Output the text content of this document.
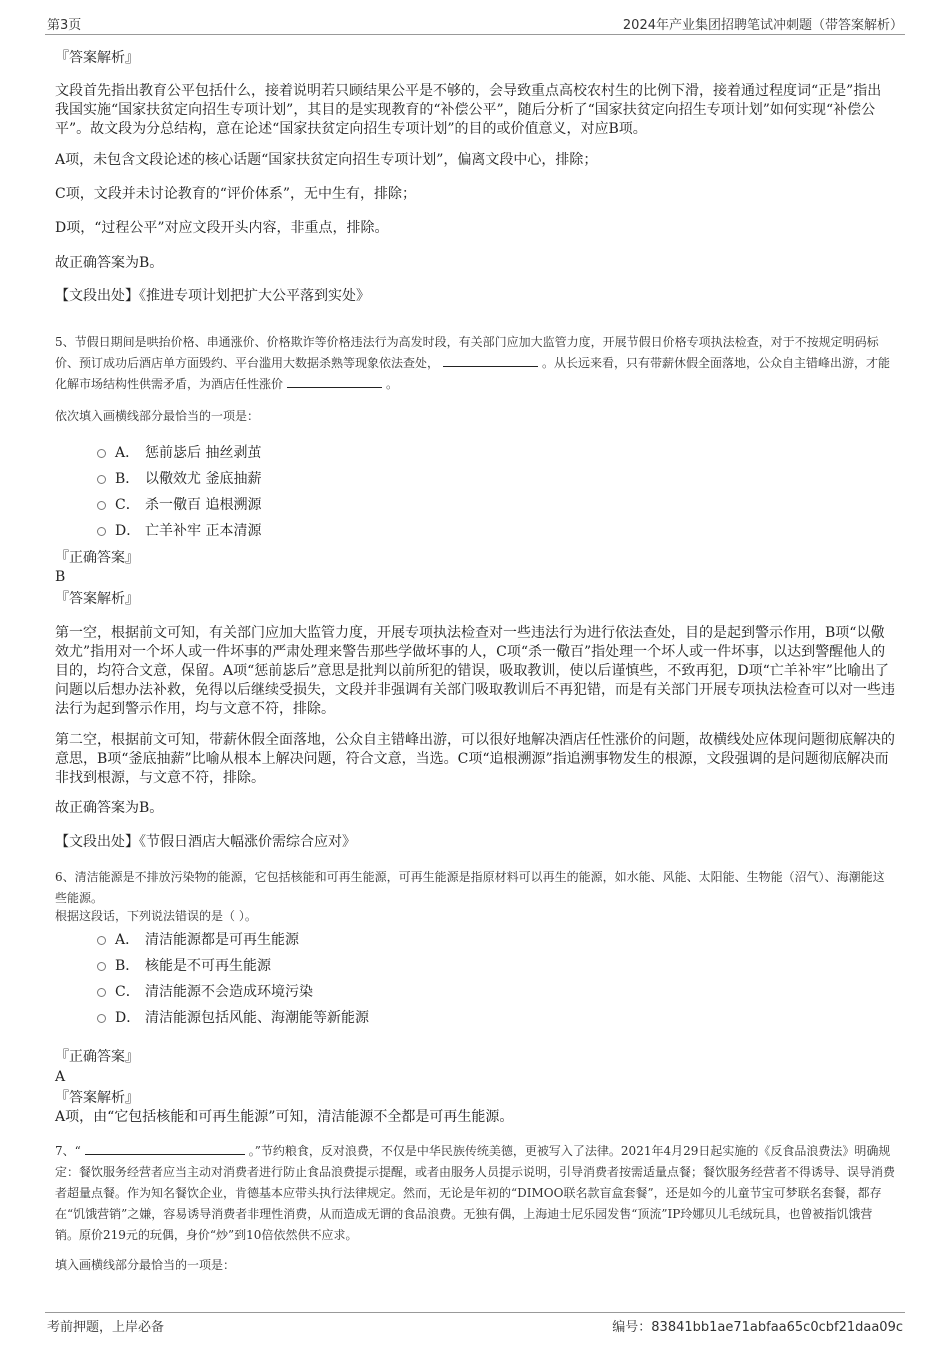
第3页	2024年产业集团招聘笔试冲刺题（带答案解析）
『答案解析』
文段首先指出教育公平包括什么，接着说明若只顾结果公平是不够的，会导致重点高校农村生的比例下滑，接着通过程度词“正是”指出我国实施“国家扶贫定向招生专项计划”，其目的是实现教育的“补偿公平”，随后分析了“国家扶贫定向招生专项计划”如何实现“补偿公平”。故文段为分总结构，意在论述“国家扶贫定向招生专项计划”的目的或价值意义，对应B项。
A项，未包含文段论述的核心话题“国家扶贫定向招生专项计划”，偏离文段中心，排除；
C项，文段并未讨论教育的“评价体系”，无中生有，排除；
D项，“过程公平”对应文段开头内容，非重点，排除。
故正确答案为B。
【文段出处】《推进专项计划把扩大公平落到实处》
5、节假日期间是哄抬价格、串通涨价、价格欺诈等价格违法行为高发时段，有关部门应加大监管力度，开展节假日价格专项执法检查，对于不按规定明码标价、预订成功后酒店单方面毁约、平台滥用大数据杀熟等现象依法查处，	。从长远来看，只有带薪休假全面落地，公众自主错峰出游，才能化解市场结构性供需矛盾，为酒店任性涨价	。
依次填入画横线部分最恰当的一项是：
A． 惩前毖后 抽丝剥茧
B． 以儆效尤 釜底抽薪
C． 杀一儆百 追根溯源
D． 亡羊补牢 正本清源
『正确答案』
B
『答案解析』
第一空，根据前文可知，有关部门应加大监管力度，开展专项执法检查对一些违法行为进行依法查处，目的是起到警示作用，B项“以儆效尤”指用对一个坏人或一件坏事的严肃处理来警告那些学做坏事的人，C项“杀一儆百”指处理一个坏人或一件坏事，以达到警醒他人的目的，均符合文意，保留。A项“惩前毖后”意思是批判以前所犯的错误，吸取教训，使以后谨慎些，不致再犯，D项“亡羊补牢”比喻出了问题以后想办法补救，免得以后继续受损失，文段并非强调有关部门吸取教训后不再犯错，而是有关部门开展专项执法检查可以对一些违法行为起到警示作用，均与文意不符，排除。
第二空，根据前文可知，带薪休假全面落地，公众自主错峰出游，可以很好地解决酒店任性涨价的问题，故横线处应体现问题彻底解决的意思，B项“釜底抽薪”比喻从根本上解决问题，符合文意，当选。C项“追根溯源”指追溯事物发生的根源，文段强调的是问题彻底解决而非找到根源，与文意不符，排除。
故正确答案为B。
【文段出处】《节假日酒店大幅涨价需综合应对》
6、清洁能源是不排放污染物的能源，它包括核能和可再生能源，可再生能源是指原材料可以再生的能源，如水能、风能、太阳能、生物能（沼气）、海潮能这些能源。
根据这段话，下列说法错误的是（ ）。
A． 清洁能源都是可再生能源
B． 核能是不可再生能源
C． 清洁能源不会造成环境污染
D． 清洁能源包括风能、海潮能等新能源
『正确答案』
A
『答案解析』
A项，由“它包括核能和可再生能源”可知，清洁能源不全都是可再生能源。
7、“	。”节约粮食，反对浪费，不仅是中华民族传统美德，更被写入了法律。2021年4月29日起实施的《反食品浪费法》明确规定：餐饮服务经营者应当主动对消费者进行防止食品浪费提示提醒，或者由服务人员提示说明，引导消费者按需适量点餐；餐饮服务经营者不得诱导、误导消费者超量点餐。作为知名餐饮企业，肯德基本应带头执行法律规定。然而，无论是年初的“DIMOO联名款盲盒套餐”，还是如今的儿童节宝可梦联名套餐，都存在“饥饿营销”之嫌，容易诱导消费者非理性消费，从而造成无谓的食品浪费。无独有偶，上海迪士尼乐园发售“顶流”IP玲娜贝儿毛绒玩具，也曾被指饥饿营销。原价219元的玩偶，身价“炒”到10倍依然供不应求。
填入画横线部分最恰当的一项是：
考前押题，上岸必备	编号：83841bb1ae71abfaa65c0cbf21daa09c
